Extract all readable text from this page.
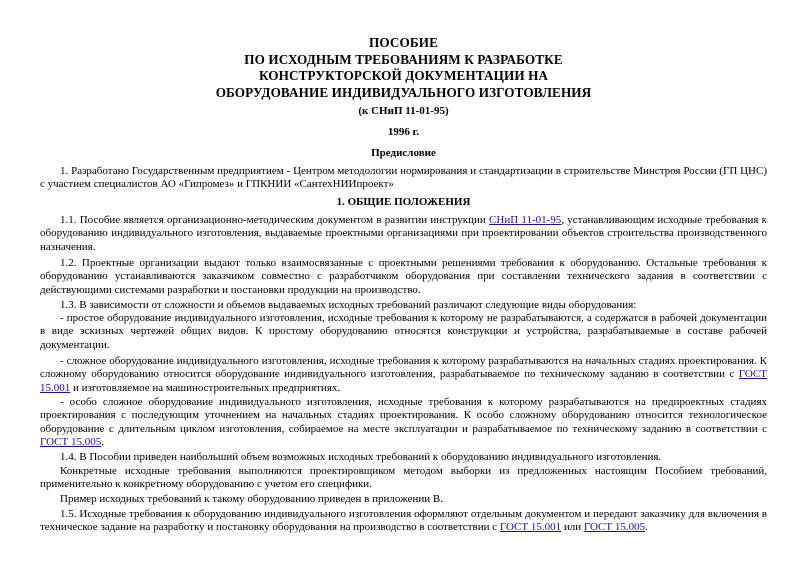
ПОСОБИЕ
ПО ИСХОДНЫМ ТРЕБОВАНИЯМ К РАЗРАБОТКЕ
КОНСТРУКТОРСКОЙ ДОКУМЕНТАЦИИ НА
ОБОРУДОВАНИЕ ИНДИВИДУАЛЬНОГО ИЗГОТОВЛЕНИЯ
(к СНиП 11-01-95)
1996 г.
Предисловие
1. Разработано Государственным предприятием - Центром методологии нормирования и стандартизации в строительстве Минстроя России (ГП ЦНС) с участием специалистов АО «Гипромез» и ГПКНИИ «СантехНИИпроект»
1. ОБЩИЕ ПОЛОЖЕНИЯ
1.1. Пособие является организационно-методическим документом в развитии инструкции СНиП 11-01-95, устанавливающим исходные требования к оборудованию индивидуального изготовления, выдаваемые проектными организациями при проектировании объектов строительства производственного назначения.
1.2. Проектные организации выдают только взаимосвязанные с проектными решениями требования к оборудованию. Остальные требования к оборудованию устанавливаются заказчиком совместно с разработчиком оборудования при составлении технического задания в соответствии с действующими системами разработки и постановки продукции на производство.
1.3. В зависимости от сложности и объемов выдаваемых исходных требований различают следующие виды оборудования:
- простое оборудование индивидуального изготовления, исходные требования к которому не разрабатываются, а содержатся в рабочей документации в виде эскизных чертежей общих видов. К простому оборудованию относятся конструкции и устройства, разрабатываемые в составе рабочей документации.
- сложное оборудование индивидуального изготовления, исходные требования к которому разрабатываются на начальных стадиях проектирования. К сложному оборудованию относится оборудование индивидуального изготовления, разрабатываемое по техническому заданию в соответствии с ГОСТ 15.001 и изготовляемое на машиностроительных предприятиях.
- особо сложное оборудование индивидуального изготовления, исходные требования к которому разрабатываются на предпроектных стадиях проектирования с последующим уточнением на начальных стадиях проектирования. К особо сложному оборудованию относится технологическое оборудование с длительным циклом изготовления, собираемое на месте эксплуатации и разрабатываемое по техническому заданию в соответствии с ГОСТ 15.005.
1.4. В Пособии приведен наибольший объем возможных исходных требований к оборудованию индивидуального изготовления.
Конкретные исходные требования выполняются проектировщиком методом выборки из предложенных настоящим Пособием требований, применительно к конкретному оборудованию с учетом его специфики.
Пример исходных требований к такому оборудованию приведен в приложении В.
1.5. Исходные требования к оборудованию индивидуального изготовления оформляют отдельным документом и передают заказчику для включения в техническое задание на разработку и постановку оборудования на производство в соответствии с ГОСТ 15.001 или ГОСТ 15.005.
